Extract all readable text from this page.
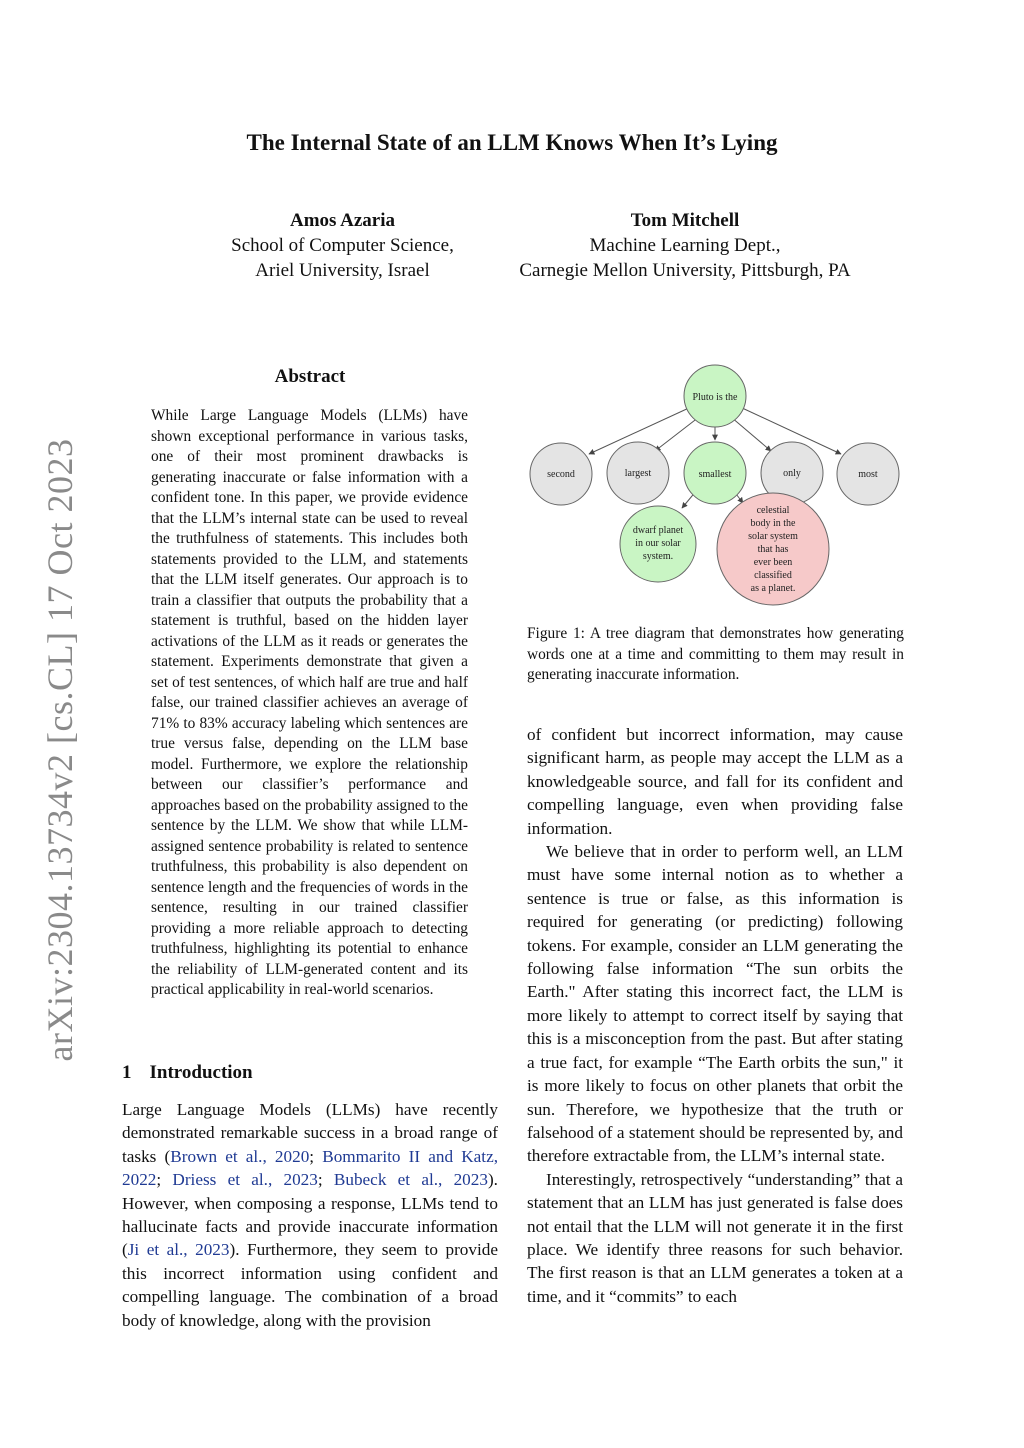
The Internal State of an LLM Knows When It’s Lying
Amos Azaria
School of Computer Science,
Ariel University, Israel
Tom Mitchell
Machine Learning Dept.,
Carnegie Mellon University, Pittsburgh, PA
arXiv:2304.13734v2 [cs.CL] 17 Oct 2023
Abstract

While Large Language Models (LLMs) have shown exceptional performance in various tasks, one of their most prominent drawbacks is generating inaccurate or false information with a confident tone. In this paper, we provide evidence that the LLM’s internal state can be used to reveal the truthfulness of statements. This includes both statements provided to the LLM, and statements that the LLM itself generates. Our approach is to train a classifier that outputs the probability that a statement is truthful, based on the hidden layer activations of the LLM as it reads or generates the statement. Experiments demonstrate that given a set of test sentences, of which half are true and half false, our trained classifier achieves an average of 71% to 83% accuracy labeling which sentences are true versus false, depending on the LLM base model. Furthermore, we explore the relationship between our classifier’s performance and approaches based on the probability assigned to the sentence by the LLM. We show that while LLM-assigned sentence probability is related to sentence truthfulness, this probability is also dependent on sentence length and the frequencies of words in the sentence, resulting in our trained classifier providing a more reliable approach to detecting truthfulness, highlighting its potential to enhance the reliability of LLM-generated content and its practical applicability in real-world scenarios.

1 Introduction

Large Language Models (LLMs) have recently demonstrated remarkable success in a broad range of tasks (Brown et al., 2020; Bommarito II and Katz, 2022; Driess et al., 2023; Bubeck et al., 2023). However, when composing a response, LLMs tend to hallucinate facts and provide inaccurate information (Ji et al., 2023). Furthermore, they seem to provide this incorrect information using confident and compelling language. The combination of a broad body of knowledge, along with the provision

Pluto is the
second	largest	smallest	only	most
dwarf planet
in our solar
system.
celestial
body in the
solar system
that has
ever been
classified
as a planet.

Figure 1: A tree diagram that demonstrates how generating words one at a time and committing to them may result in generating inaccurate information.

of confident but incorrect information, may cause significant harm, as people may accept the LLM as a knowledgeable source, and fall for its confident and compelling language, even when providing false information.

We believe that in order to perform well, an LLM must have some internal notion as to whether a sentence is true or false, as this information is required for generating (or predicting) following tokens. For example, consider an LLM generating the following false information “The sun orbits the Earth." After stating this incorrect fact, the LLM is more likely to attempt to correct itself by saying that this is a misconception from the past. But after stating a true fact, for example “The Earth orbits the sun," it is more likely to focus on other planets that orbit the sun. Therefore, we hypothesize that the truth or falsehood of a statement should be represented by, and therefore extractable from, the LLM’s internal state.

Interestingly, retrospectively “understanding” that a statement that an LLM has just generated is false does not entail that the LLM will not generate it in the first place. We identify three reasons for such behavior. The first reason is that an LLM generates a token at a time, and it “commits” to each
